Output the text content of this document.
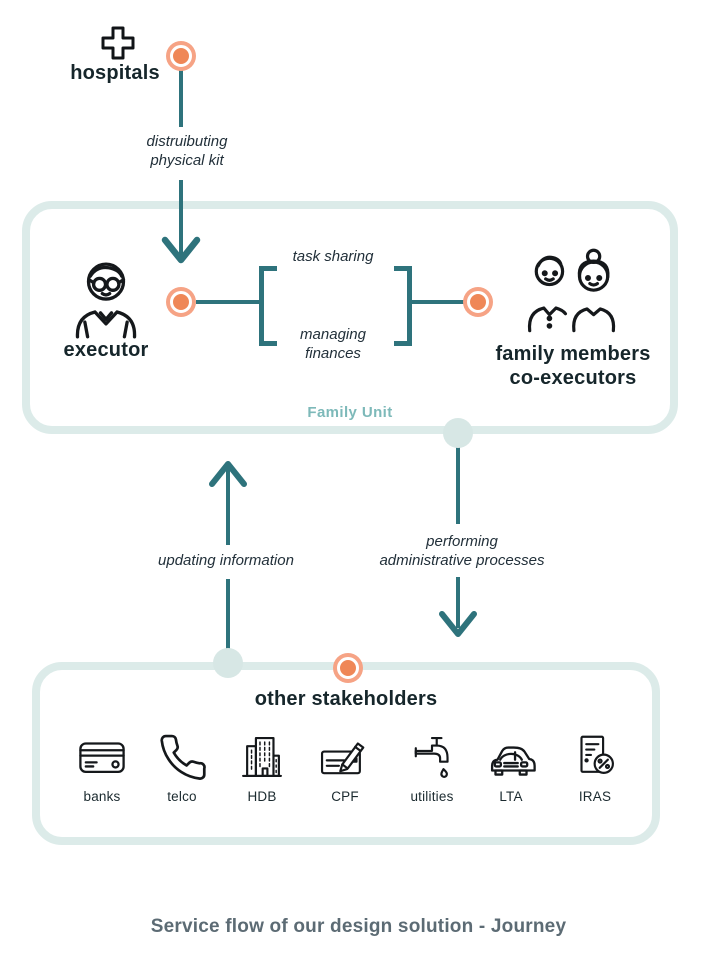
hospitals
distruibuting
physical kit
executor
task sharing
managing
finances	family members
co-executors
Family Unit
updating information
performing
administrative processes
other stakeholders
banks	telco	HDB	CPF	utilities	LTA	IRAS
Service flow of our design solution - Journey
